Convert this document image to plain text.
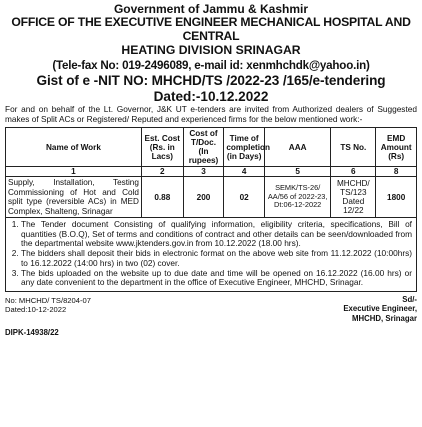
Government of Jammu & Kashmir
OFFICE OF THE EXECUTIVE ENGINEER MECHANICAL HOSPITAL AND CENTRAL
HEATING DIVISION SRINAGAR
(Tele-fax No: 019-2496089, e-mail id: xenmhchdk@yahoo.in)
Gist of e -NIT NO: MHCHD/TS /2022-23 /165/e-tendering
Dated:-10.12.2022
For and on behalf of the Lt. Governor, J&K UT e-tenders are invited from Authorized dealers of Suggested makes of Split ACs or Registered/ Reputed and experienced firms for the below mentioned work:-
Name of Work	Est. Cost (Rs. in Lacs)	Cost of T/Doc. (In rupees)	Time of completion (in Days)	AAA	TS No.	EMD Amount (Rs)
1	2	3	4	5	6	8
Supply, Installation, Testing Commissioning of Hot and Cold split type (reversible ACs) in MED Complex, Shalteng, Srinagar	0.88	200	02	SEMK/TS-26/ AA/56 of 2022-23, Dt:06-12-2022	MHCHD/ TS/123 Dated 12/22	1800
1. The Tender document Consisting of qualifying information, eligibility criteria, specifications, Bill of quantities (B.O.Q), Set of terms and conditions of contract and other details can be seen/downloaded from the departmental website www.jktenders.gov.in from 10.12.2022 (18.00 hrs).
2. The bidders shall deposit their bids in electronic format on the above web site from 11.12.2022 (10:00hrs) to 16.12.2022 (14:00 hrs) in two (02) cover.
3. The bids uploaded on the website up to due date and time will be opened on 16.12.2022 (16.00 hrs) or any date convenient to the department in the office of Executive Engineer, MHCHD, Srinagar.
No: MHCHD/ TS/8204-07
Dated:10-12-2022
Sd/-
Executive Engineer,
MHCHD, Srinagar
DIPK-14938/22
